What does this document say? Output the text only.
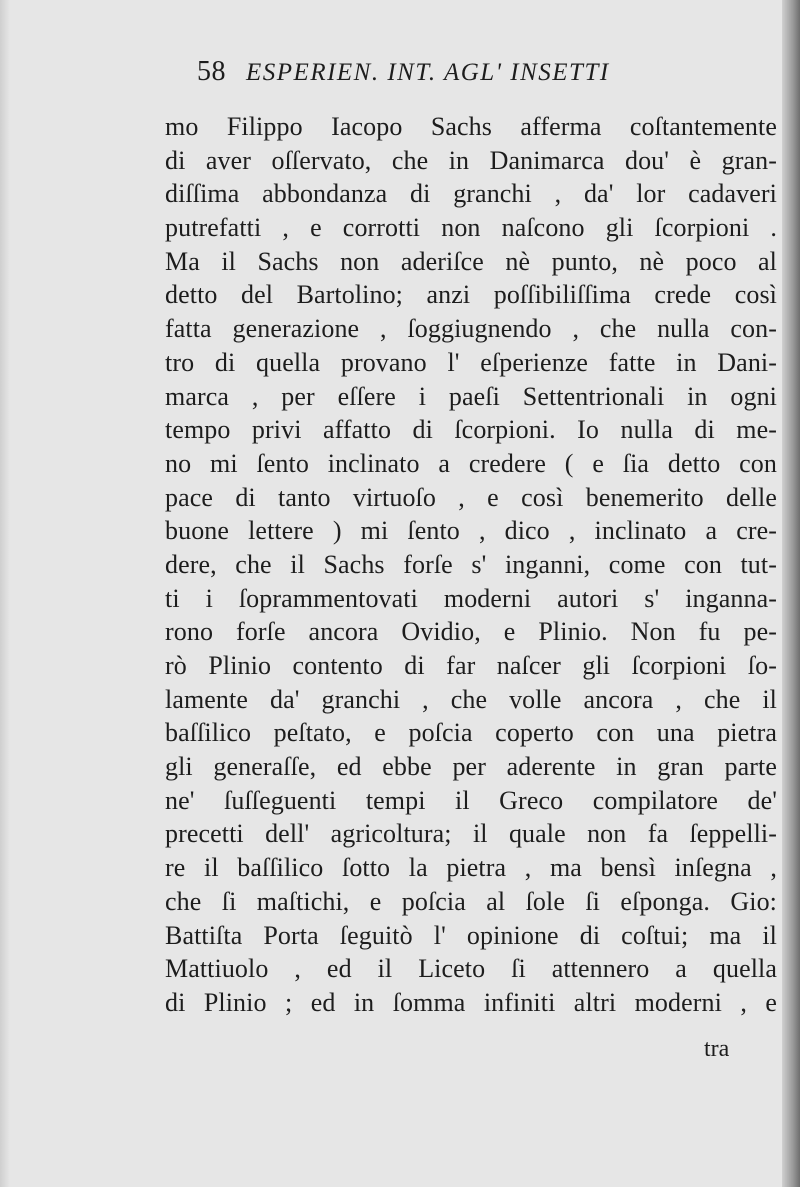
58 ESPERIEN. INT. AGL' INSETTI
mo Filippo Iacopo Sachs afferma coſtantemente
di aver oſſervato, che in Danimarca dou' è gran-
diſſima abbondanza di granchi , da' lor cadaveri
putrefatti , e corrotti non naſcono gli ſcorpioni .
Ma il Sachs non aderiſce nè punto, nè poco al
detto del Bartolino; anzi poſſibiliſſima crede così
fatta generazione , ſoggiugnendo , che nulla con-
tro di quella provano l' eſperienze fatte in Dani-
marca , per eſſere i paeſi Settentrionali in ogni
tempo privi affatto di ſcorpioni. Io nulla di me-
no mi ſento inclinato a credere ( e ſia detto con
pace di tanto virtuoſo , e così benemerito delle
buone lettere ) mi ſento , dico , inclinato a cre-
dere, che il Sachs forſe s' inganni, come con tut-
ti i ſoprammentovati moderni autori s' inganna-
rono forſe ancora Ovidio, e Plinio. Non fu pe-
rò Plinio contento di far naſcer gli ſcorpioni ſo-
lamente da' granchi , che volle ancora , che il
baſſilico peſtato, e poſcia coperto con una pietra
gli generaſſe, ed ebbe per aderente in gran parte
ne' ſuſſeguenti tempi il Greco compilatore de'
precetti dell' agricoltura; il quale non fa ſeppelli-
re il baſſilico ſotto la pietra , ma bensì inſegna ,
che ſi maſtichi, e poſcia al ſole ſi eſponga. Gio:
Battiſta Porta ſeguitò l' opinione di coſtui; ma il
Mattiuolo , ed il Liceto ſi attennero a quella
di Plinio ; ed in ſomma infiniti altri moderni , e
tra
